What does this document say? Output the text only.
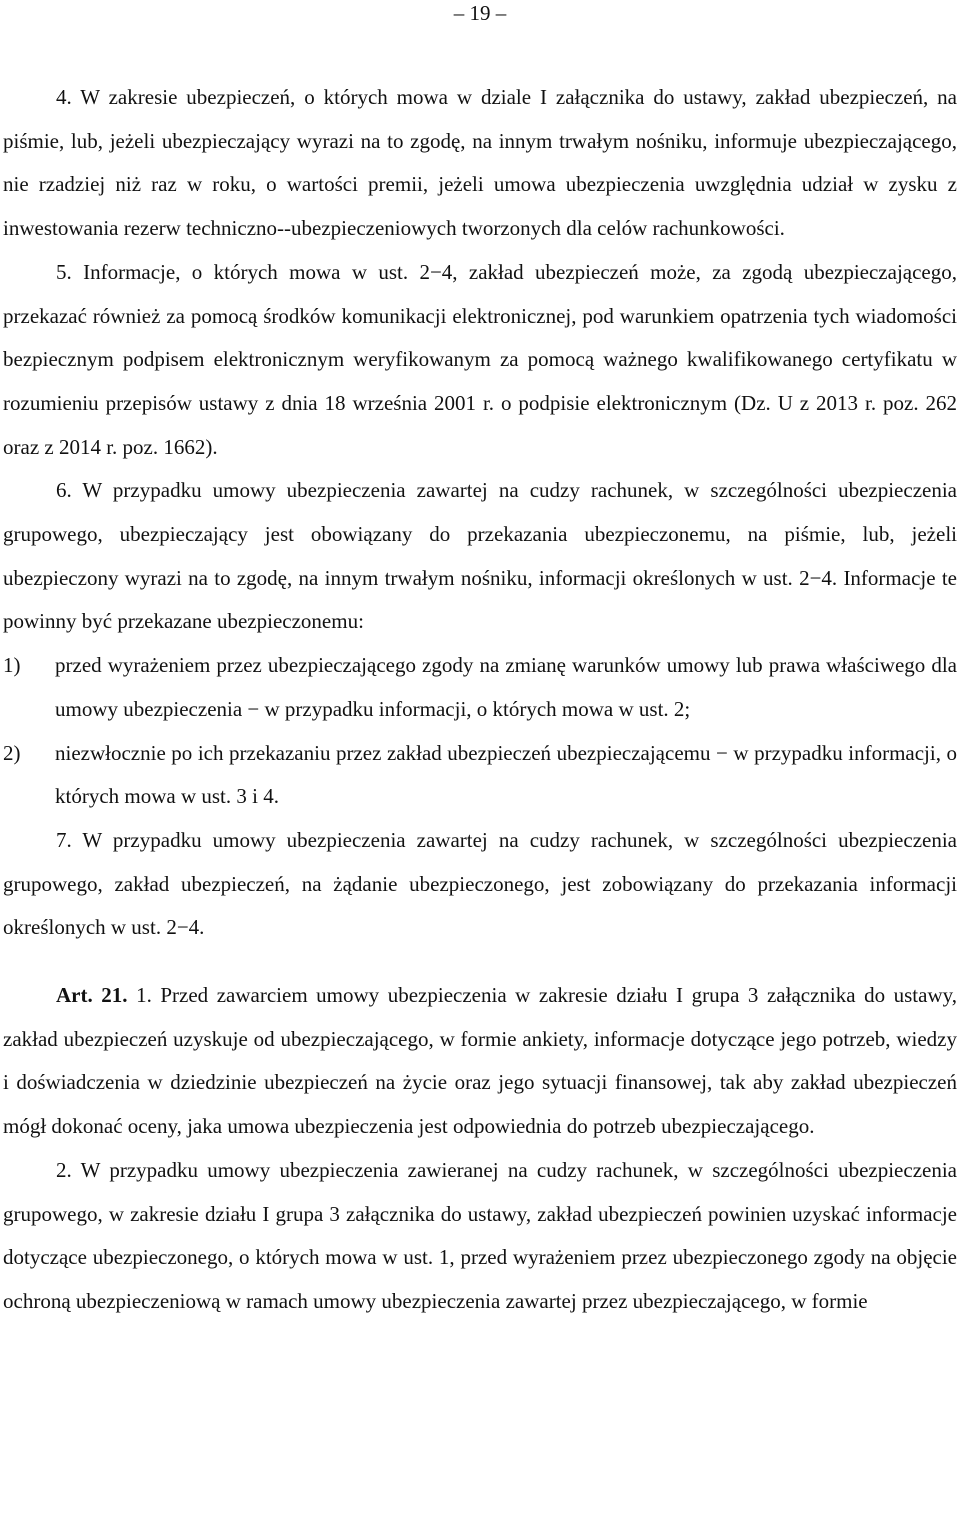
– 19 –

4. W zakresie ubezpieczeń, o których mowa w dziale I załącznika do ustawy, zakład ubezpieczeń, na piśmie, lub, jeżeli ubezpieczający wyrazi na to zgodę, na innym trwałym nośniku, informuje ubezpieczającego, nie rzadziej niż raz w roku, o wartości premii, jeżeli umowa ubezpieczenia uwzględnia udział w zysku z inwestowania rezerw techniczno--ubezpieczeniowych tworzonych dla celów rachunkowości.

5. Informacje, o których mowa w ust. 2−4, zakład ubezpieczeń może, za zgodą ubezpieczającego, przekazać również za pomocą środków komunikacji elektronicznej, pod warunkiem opatrzenia tych wiadomości bezpiecznym podpisem elektronicznym weryfikowanym za pomocą ważnego kwalifikowanego certyfikatu w rozumieniu przepisów ustawy z dnia 18 września 2001 r. o podpisie elektronicznym (Dz. U z 2013 r. poz. 262 oraz z 2014 r. poz. 1662).

6. W przypadku umowy ubezpieczenia zawartej na cudzy rachunek, w szczególności ubezpieczenia grupowego, ubezpieczający jest obowiązany do przekazania ubezpieczonemu, na piśmie, lub, jeżeli ubezpieczony wyrazi na to zgodę, na innym trwałym nośniku, informacji określonych w ust. 2−4. Informacje te powinny być przekazane ubezpieczonemu:

1) przed wyrażeniem przez ubezpieczającego zgody na zmianę warunków umowy lub prawa właściwego dla umowy ubezpieczenia − w przypadku informacji, o których mowa w ust. 2;
2) niezwłocznie po ich przekazaniu przez zakład ubezpieczeń ubezpieczającemu − w przypadku informacji, o których mowa w ust. 3 i 4.

7. W przypadku umowy ubezpieczenia zawartej na cudzy rachunek, w szczególności ubezpieczenia grupowego, zakład ubezpieczeń, na żądanie ubezpieczonego, jest zobowiązany do przekazania informacji określonych w ust. 2−4.

Art. 21. 1. Przed zawarciem umowy ubezpieczenia w zakresie działu I grupa 3 załącznika do ustawy, zakład ubezpieczeń uzyskuje od ubezpieczającego, w formie ankiety, informacje dotyczące jego potrzeb, wiedzy i doświadczenia w dziedzinie ubezpieczeń na życie oraz jego sytuacji finansowej, tak aby zakład ubezpieczeń mógł dokonać oceny, jaka umowa ubezpieczenia jest odpowiednia do potrzeb ubezpieczającego.

2. W przypadku umowy ubezpieczenia zawieranej na cudzy rachunek, w szczególności ubezpieczenia grupowego, w zakresie działu I grupa 3 załącznika do ustawy, zakład ubezpieczeń powinien uzyskać informacje dotyczące ubezpieczonego, o których mowa w ust. 1, przed wyrażeniem przez ubezpieczonego zgody na objęcie ochroną ubezpieczeniową w ramach umowy ubezpieczenia zawartej przez ubezpieczającego, w formie
